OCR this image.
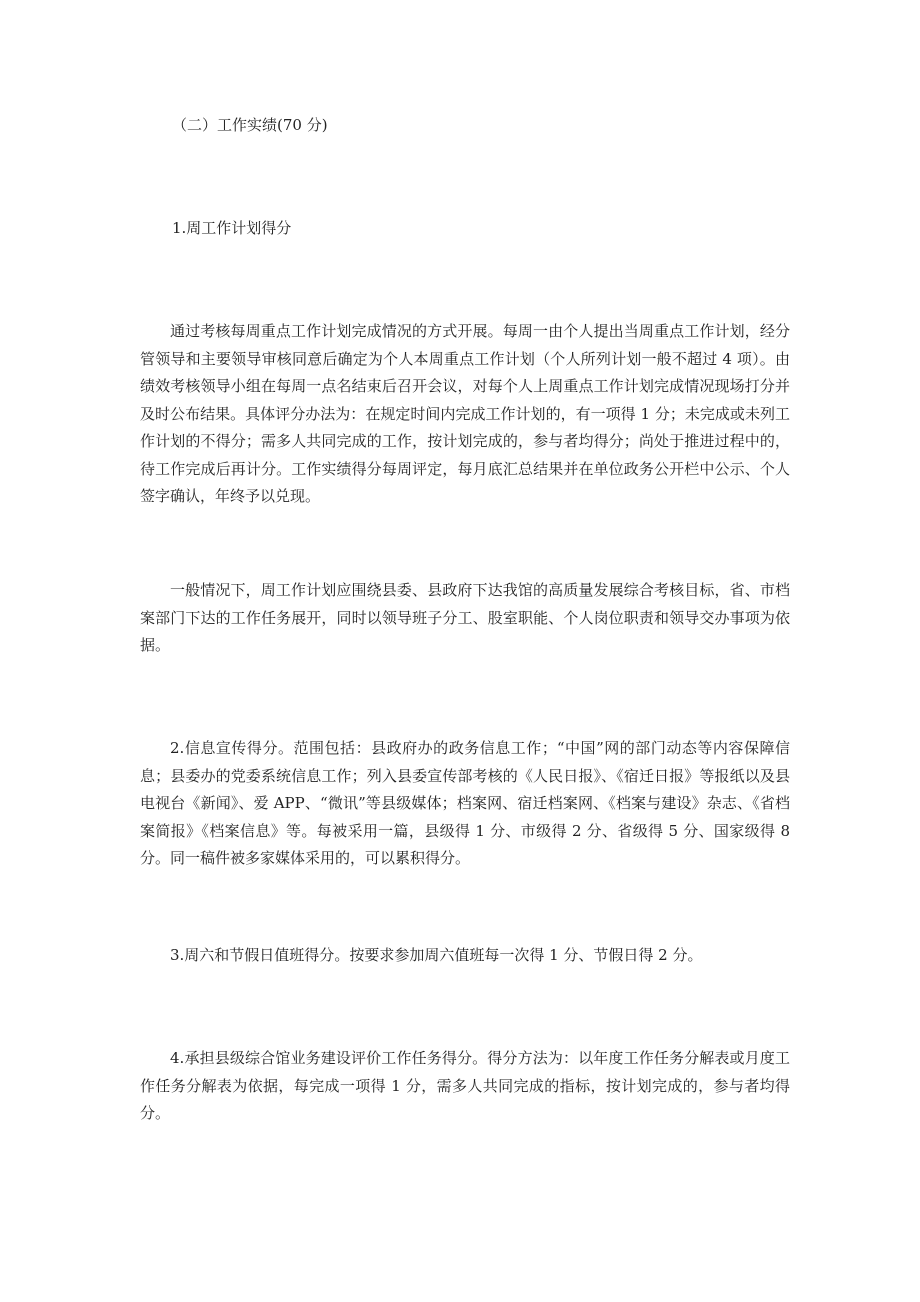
（二）工作实绩(70 分)

1.周工作计划得分

通过考核每周重点工作计划完成情况的方式开展。每周一由个人提出当周重点工作计划，经分管领导和主要领导审核同意后确定为个人本周重点工作计划（个人所列计划一般不超过 4 项）。由绩效考核领导小组在每周一点名结束后召开会议，对每个人上周重点工作计划完成情况现场打分并及时公布结果。具体评分办法为：在规定时间内完成工作计划的，有一项得 1 分；未完成或未列工作计划的不得分；需多人共同完成的工作，按计划完成的，参与者均得分；尚处于推进过程中的，待工作完成后再计分。工作实绩得分每周评定，每月底汇总结果并在单位政务公开栏中公示、个人签字确认，年终予以兑现。

一般情况下，周工作计划应围绕县委、县政府下达我馆的高质量发展综合考核目标，省、市档案部门下达的工作任务展开，同时以领导班子分工、股室职能、个人岗位职责和领导交办事项为依据。

2.信息宣传得分。范围包括：县政府办的政务信息工作；“中国”网的部门动态等内容保障信息；县委办的党委系统信息工作；列入县委宣传部考核的《人民日报》、《宿迁日报》等报纸以及县电视台《新闻》、爱 APP、“微讯”等县级媒体；档案网、宿迁档案网、《档案与建设》杂志、《省档案简报》《档案信息》等。每被采用一篇，县级得 1 分、市级得 2 分、省级得 5 分、国家级得 8 分。同一稿件被多家媒体采用的，可以累积得分。

3.周六和节假日值班得分。按要求参加周六值班每一次得 1 分、节假日得 2 分。

4.承担县级综合馆业务建设评价工作任务得分。得分方法为：以年度工作任务分解表或月度工作任务分解表为依据，每完成一项得 1 分，需多人共同完成的指标，按计划完成的，参与者均得分。
